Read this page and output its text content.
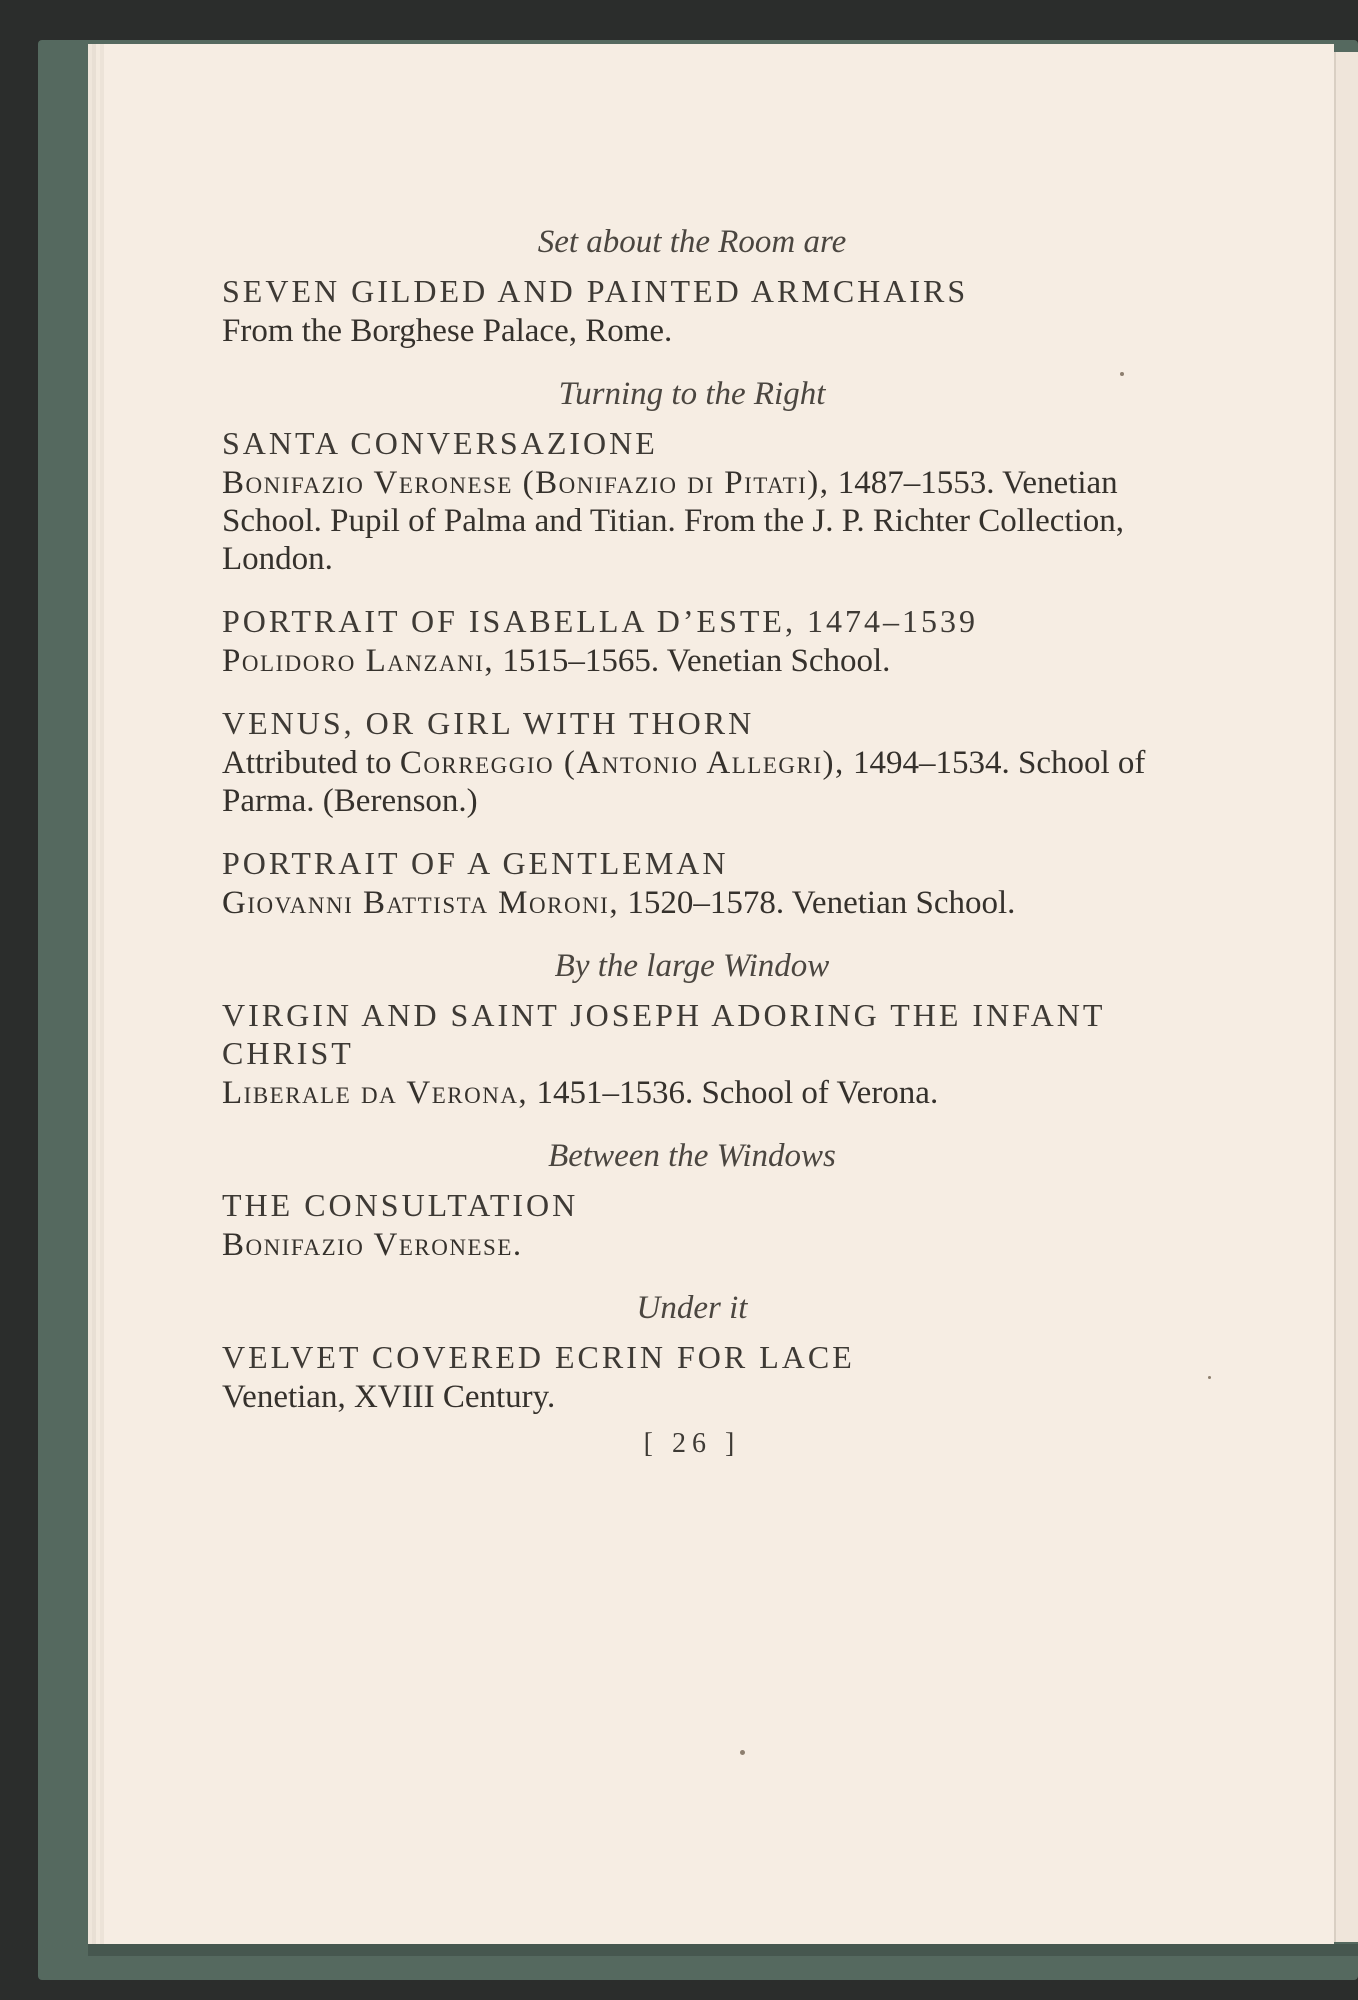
Set about the Room are

SEVEN GILDED AND PAINTED ARMCHAIRS

From the Borghese Palace, Rome.

Turning to the Right

SANTA CONVERSAZIONE

Bonifazio Veronese (Bonifazio di Pitati), 1487–1553. Venetian School. Pupil of Palma and Titian. From the J. P. Richter Collection, London.

PORTRAIT OF ISABELLA D’ESTE, 1474–1539

Polidoro Lanzani, 1515–1565. Venetian School.

VENUS, OR GIRL WITH THORN

Attributed to Correggio (Antonio Allegri), 1494–1534. School of Parma. (Berenson.)

PORTRAIT OF A GENTLEMAN

Giovanni Battista Moroni, 1520–1578. Venetian School.

By the large Window

VIRGIN AND SAINT JOSEPH ADORING THE INFANT CHRIST

Liberale da Verona, 1451–1536. School of Verona.

Between the Windows

THE CONSULTATION

Bonifazio Veronese.

Under it

VELVET COVERED ECRIN FOR LACE

Venetian, XVIII Century.

[ 26 ]
